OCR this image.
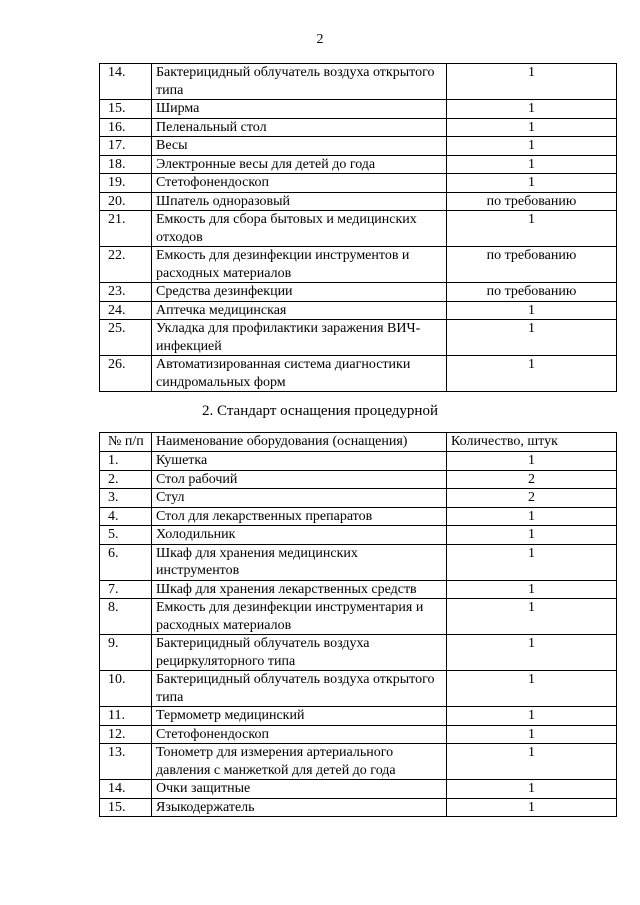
2
14.	Бактерицидный облучатель воздуха открытого типа	1
15.	Ширма	1
16.	Пеленальный стол	1
17.	Весы	1
18.	Электронные весы для детей до года	1
19.	Стетофонендоскоп	1
20.	Шпатель одноразовый	по требованию
21.	Емкость для сбора бытовых и медицинских отходов	1
22.	Емкость для дезинфекции инструментов и расходных материалов	по требованию
23.	Средства дезинфекции	по требованию
24.	Аптечка медицинская	1
25.	Укладка для профилактики заражения ВИЧ-инфекцией	1
26.	Автоматизированная система диагностики синдромальных форм	1
2. Стандарт оснащения процедурной
№ п/п	Наименование оборудования (оснащения)	Количество, штук
1.	Кушетка	1
2.	Стол рабочий	2
3.	Стул	2
4.	Стол для лекарственных препаратов	1
5.	Холодильник	1
6.	Шкаф для хранения медицинских инструментов	1
7.	Шкаф для хранения лекарственных средств	1
8.	Емкость для дезинфекции инструментария и расходных материалов	1
9.	Бактерицидный облучатель воздуха рециркуляторного типа	1
10.	Бактерицидный облучатель воздуха открытого типа	1
11.	Термометр медицинский	1
12.	Стетофонендоскоп	1
13.	Тонометр для измерения артериального давления с манжеткой для детей до года	1
14.	Очки защитные	1
15.	Языкодержатель	1
